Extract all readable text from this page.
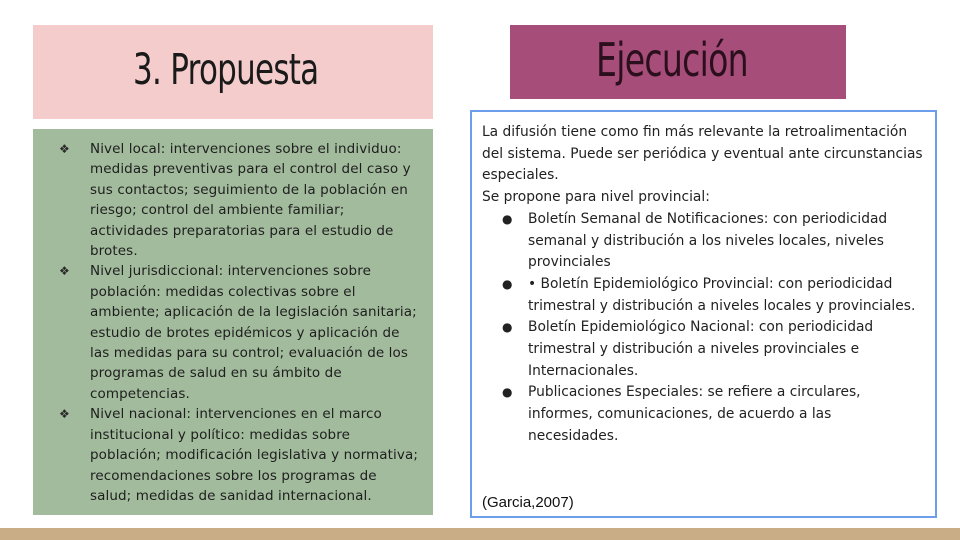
3. Propuesta	Ejecución
❖ Nivel local: intervenciones sobre el individuo: medidas preventivas para el control del caso y sus contactos; seguimiento de la población en riesgo; control del ambiente familiar; actividades preparatorias para el estudio de brotes.
❖ Nivel jurisdiccional: intervenciones sobre población: medidas colectivas sobre el ambiente; aplicación de la legislación sanitaria; estudio de brotes epidémicos y aplicación de las medidas para su control; evaluación de los programas de salud en su ámbito de competencias.
❖ Nivel nacional: intervenciones en el marco institucional y político: medidas sobre población; modificación legislativa y normativa; recomendaciones sobre los programas de salud; medidas de sanidad internacional.

La difusión tiene como fin más relevante la retroalimentación del sistema. Puede ser periódica y eventual ante circunstancias especiales.

Se propone para nivel provincial:

● Boletín Semanal de Notificaciones: con periodicidad semanal y distribución a los niveles locales, niveles provinciales
● • Boletín Epidemiológico Provincial: con periodicidad trimestral y distribución a niveles locales y provinciales.
● Boletín Epidemiológico Nacional: con periodicidad trimestral y distribución a niveles provinciales e Internacionales.
● Publicaciones Especiales: se refiere a circulares, informes, comunicaciones, de acuerdo a las necesidades.
(Garcia,2007)
